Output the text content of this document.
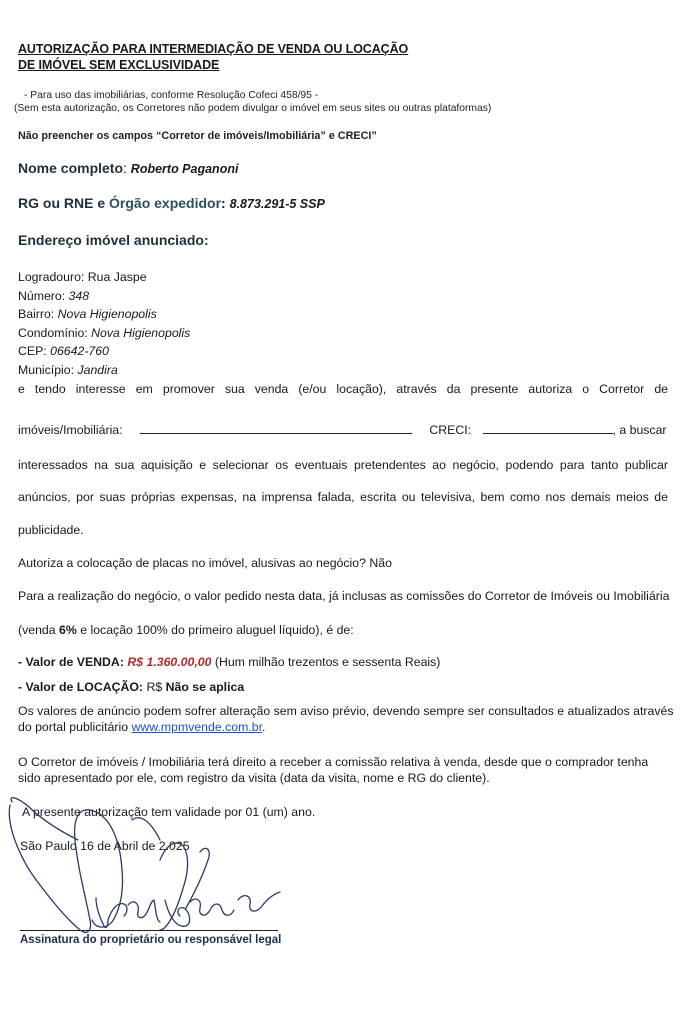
AUTORIZAÇÃO PARA INTERMEDIAÇÃO DE VENDA OU LOCAÇÃO
DE IMÓVEL SEM EXCLUSIVIDADE
- Para uso das imobiliárias, conforme Resolução Cofeci 458/95 -
(Sem esta autorização, os Corretores não podem divulgar o imóvel em seus sites ou outras plataformas)
Não preencher os campos “Corretor de imóveis/Imobiliária” e CRECI”
Nome completo: Roberto Paganoni
RG ou RNE e Órgão expedidor: 8.873.291-5 SSP
Endereço imóvel anunciado:
Logradouro: Rua Jaspe
Número: 348
Bairro: Nova Higienopolis
Condomínio: Nova Higienopolis
CEP: 06642-760
Município: Jandira
e tendo interesse em promover sua venda (e/ou locação), através da presente autoriza o Corretor de
imóveis/Imobiliária:	CRECI:	, a buscar
interessados na sua aquisição e selecionar os eventuais pretendentes ao negócio, podendo para tanto publicar
anúncios, por suas próprias expensas, na imprensa falada, escrita ou televisiva, bem como nos demais meios de
publicidade.
Autoriza a colocação de placas no imóvel, alusivas ao negócio? Não
Para a realização do negócio, o valor pedido nesta data, já inclusas as comissões do Corretor de Imóveis ou Imobiliária
(venda 6% e locação 100% do primeiro aluguel líquido), é de:
- Valor de VENDA: R$ 1.360.00,00 (Hum milhão trezentos e sessenta Reais)
- Valor de LOCAÇÃO: R$ Não se aplica
Os valores de anúncio podem sofrer alteração sem aviso prévio, devendo sempre ser consultados e atualizados através
do portal publicitário www.mpmvende.com.br.
O Corretor de imóveis / Imobiliária terá direito a receber a comissão relativa à venda, desde que o comprador tenha
sido apresentado por ele, com registro da visita (data da visita, nome e RG do cliente).
A presente autorização tem validade por 01 (um) ano.
São Paulo 16 de Abril de 2.025
Assinatura do proprietário ou responsável legal
